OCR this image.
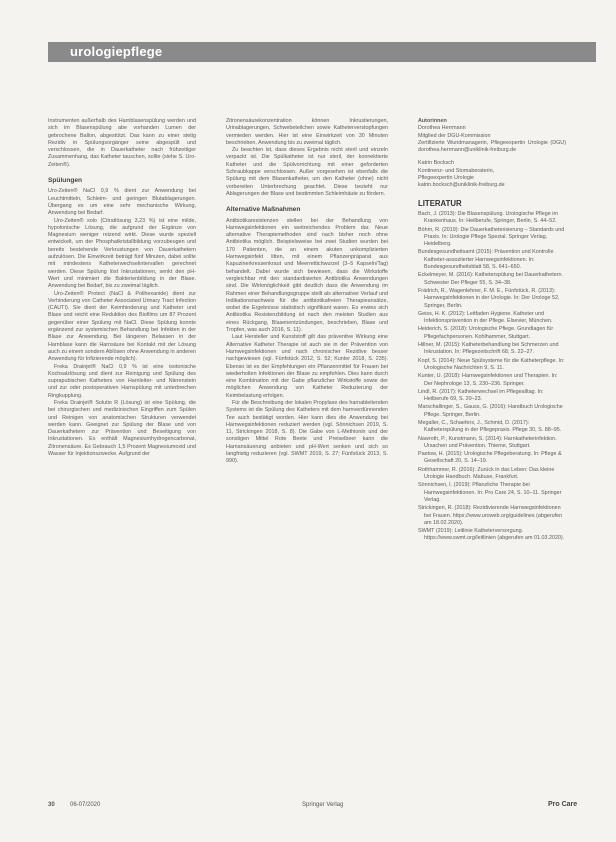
urologiepflege

Instrumenten außerhalb des Harnblasenspülung werden und sich im Blasenspülung abe vorhanden Lumen der gebrochene Ballon, abgestützt. Das kann zu einer stetig Rezidiv in Spülungsorgänger seine abgespült und verschlossen, die in Dauerkatheter nach frühzeitiger Zusammenhang, das Katheter tauschen, sollte (siehe S. Uro-Zeiten®).

Spülungen

Uro-Zeiten® NaCl 0,9 % dient zur Anwendung bei Leuchtmitteln, Schleim- und geringen Blutablagerungen. Übergang es um eine sehr mechanische Wirkung, Anwendung bei Bedarf.

Uro-Zeiten® solo (Citratlösung 3,23 %) ist eine milde, hypotonische Lösung, die aufgrund der Ergänze von Magnesium weniger reizend wirkt. Diese wurde speziell entwickelt, um der Phosphatkristallbildung vorzubeugen und bereits bestehende Verkrustungen von Dauerkathetern aufzulösen. Die Einwirkzeit beträgt fünf Minuten, dabei sollte mit mindestens Katheterwechselintervallen gerechnet werden. Diese Spülung löst Inkrustationen, senkt den pH-Wert und minimiert die Bakterienbildung in der Blase. Anwendung bei Bedarf, bis zu zweimal täglich.

Uro-Zeiten® Protect (NaCl & Polihexanide) dient zur Verhinderung von Catheter Associated Urinary Tract Infection (CAUTI). Sie dient der Keimhinderung und Katheter und Blase und reicht eine Reduktion des Biofilms um 87 Prozent gegenüber einer Spülung mit NaCl. Diese Spülung konnte ergänzend zur systemischen Behandlung bei Infekten in der Blase zur Anwendung. Bei längeren Belassen in der Harnblase kann die Harnsäure bei Kontakt mit der Lösung auch zu einem sondern Ablösen ohne Anwendung in anderen Anwendung für Infizierende möglich).

Freka Drainjet® NaCl 0,9 % ist eine isotonische Kochsalzlösung und dient zur Reinigung und Spülung des suprapubischen Katheters von Harnleiter- und Nierenstein und zur oder postoperativen Harnspülung mit unterbrechen Ringkupplung.

Freka Drainjet® Solutio R (Lösung) ist eine Spülung, die bei chirurgischen und medizinischen Eingriffen zum Spülen und Reinigen von anatomischen Strukturen verwendet werden kann. Geeignet zur Spülung der Blase und von Dauerkathetern zur Prävention und Beseitigung von Inkrustationen. Es enthält Magnesiumhydrogencarbonat, Zitronensäure. Es Gebrauch 1,5 Prozent Magnesiumoxid und Wasser für Injektionszwecke. Aufgrund der

Zitronensäurekonzentration können Inkrustierungen, Urinablagerungen, Schwebeteilchen sowie Katheterverstopfungen vermieden werden. Hier ist eine Einwirkzeit von 30 Minuten beschrieben. Anwendung bis zu zweimal täglich.

Zu beachten ist, dass dieses Ergebnis nicht steril und einzeln verpackt ist. Die Spülkatheter ist nur steril, der konnektierte Katheter und die Spülvorrichtung mit einer geforderten Schraubkappe verschlossen. Außer vorgesehen ist ebenfalls die Spülung mit dem Blasenkatheter, um den Katheter (ohne) nicht vorbereiten Unterbrechung geachtet. Diese bezieht nur Ablagerungen der Blase und bestimmten Schleimhäute zu fördern.

Alternative Maßnahmen

Antibiotikaresistenzen stellen bei der Behandlung von Harnwegsinfektionen ein weitreichendes Problem dar. Neue alternative Therapiemethoden sind nach bisher noch ohne Antibiotika möglich. Beispielsweise bei zwei Studien wurden bei 170 Patienten, die an einem akuten unkomplizierten Harnwegsinfekt litten, mit einem Pflanzenpräparat aus Kapuzinerkressenkraut und Meerrettichwurzel (3–5 Kapseln/Tag) behandelt. Dabei wurde sich bewiesen, dass die Wirkstoffe vergleichbar mit den standardisierten Antibiotika Anwendungen sind. Die Wirkmöglichkeit gibt deutlich dass die Anwendung im Rahmen einer Behandlungsgruppe stellt als alternativer Verlauf und Indikationsnachweis für die antibiotikafreien Therapieansätze, wobei die Ergebnisse statistisch signifikant waren. Es erwies sich Antibiotika Resistenzbildung ist nach den meisten Studien aus eines Rückgang, Blasenentzündungen, beschrieben, Blase und Tropfen, was auch 2016, S. 11).

Laut Hersteller und Kunststoff gilt das präventive Wirkung eine Alternative Katheter Therapie ist auch sie in der Prävention von Harnwegsinfektionen und nach chronischer Rezidive besser nachgewiesen (vgl. Fünfstück 2012, S. 52; Kunter 2018, S. 235). Ebenso ist es der Empfehlungen ein Pflanzenmittel für Frauen bei wiederholten Infektionen der Blase zu empfehlen. Dies kann durch eine Kombination mit der Gabe pflanzlicher Wirkstoffe sowie der möglichen Anwendung von Katheter Reduzierung der Keimbelastung erfolgen.

Für die Beschreibung der lokalen Propylaxe des harnableitenden Systems ist die Spülung des Katheters mit dem harnverdünnenden Tee auch bestätigt worden. Hier kann dies die Anwendung bei Harnwegsinfektionen reduziert werden (vgl. Sönnichsen 2019, S. 11, Strickingen 2018, S. 8). Die Gabe von L-Methionin und der sonstigen Mittel Rote Beete und Preiselbeer kann die Harnansäuerung anbieten und pH-Wert senken und sich so langfristig reduzieren (vgl. SWMT 2019, S. 27; Fünfstück 2013, S. 990).

Autorinnen

Dorothea Herrmann

Mitglied der DGU-Kommission

Zertifizierte Wundmanagerin, Pflegeexpertin Urologie (DGU) dorothea.herrmann@uniklinik-freiburg.de

Katrin Bocksch

Kontinenz- und Stomaberaterin,

Pflegeexpertin Urologie

katrin.bocksch@uniklinik-freiburg.de

LITERATUR

Bach, J. (2013): Die Blasenspülung. Urologische Pflege im Krankenhaus. In: Heilberufe, Springer, Berlin, S. 44–52.

Böhm, R. (2019): Die Dauerkatheterisierung – Standards und Praxis. In: Urologie Pflege Spezial. Springer Verlag, Heidelberg.

Bundesgesundheitsamt (2015): Prävention und Kontrolle Katheter-assoziierter Harnwegsinfektionen. In: Bundesgesundheitsblatt 58, S. 641–650.

Eckelmeyer, M. (2016): Katheterspülung bei Dauerkathetern. Schwester Der Pfleger 55, S. 34–38.

Frädrich, R., Wagenlehner, F. M. E., Fünfstück, R. (2013): Harnwegsinfektionen in der Urologie. In: Der Urologe 52, Springer, Berlin.

Geiss, H. K. (2012): Leitfaden Hygiene. Katheter und Infektionsprävention in der Pflege. Elsevier, München.

Heiderich, S. (2018): Urologische Pflege. Grundlagen für Pflegefachpersonen. Kohlhammer, Stuttgart.

Hillner, M. (2015): Katheterbehandlung bei Schmerzen und Inkrustation. In: Pflegezeitschrift 68, S. 22–27.

Kopf, S. (2014): Neue Spülsysteme für die Katheterpflege. In: Urologische Nachrichten 9, S. 11.

Kunter, U. (2018): Harnwegsinfektionen und Therapien. In: Der Nephrologe 13, S. 230–236. Springer.

Lindl, R. (2017): Katheterwechsel im Pflegealltag. In: Heilberufe 69, S. 20–23.

Marschallinger, S., Gauss, G. (2016): Handbuch Urologische Pflege. Springer, Berlin.

Megaller, C., Schaefers, J., Schmid, D. (2017): Katheterspülung in der Pflegepraxis. Pflege 30, S. 88–95.

Nawroth, P., Kunstmann, S. (2014): Harnkatheterinfektion. Ursachen und Prävention. Thieme, Stuttgart.

Paetow, H. (2015): Urologische Pflegeberatung. In: Pflege & Gesellschaft 20, S. 14–19.

Rothhammer, R. (2016): Zurück in das Leben: Das kleine Urologie Handbuch. Mabuse, Frankfurt.

Sönnichsen, I. (2019): Pflanzliche Therapie bei Harnwegsinfektionen. In: Pro Care 24, S. 10–11. Springer Verlag.

Strickingen, R. (2018): Rezidivierende Harnwegsinfektionen bei Frauen. https://www.uroweb.org/guidelines (abgerufen am 18.02.2020).

SWMT (2019): Leitlinie Katheterversorgung. https://www.swmt.org/leitlinien (abgerufen am 01.03.2020).

30	06-07/2020	Springer Verlag	Pro Care
